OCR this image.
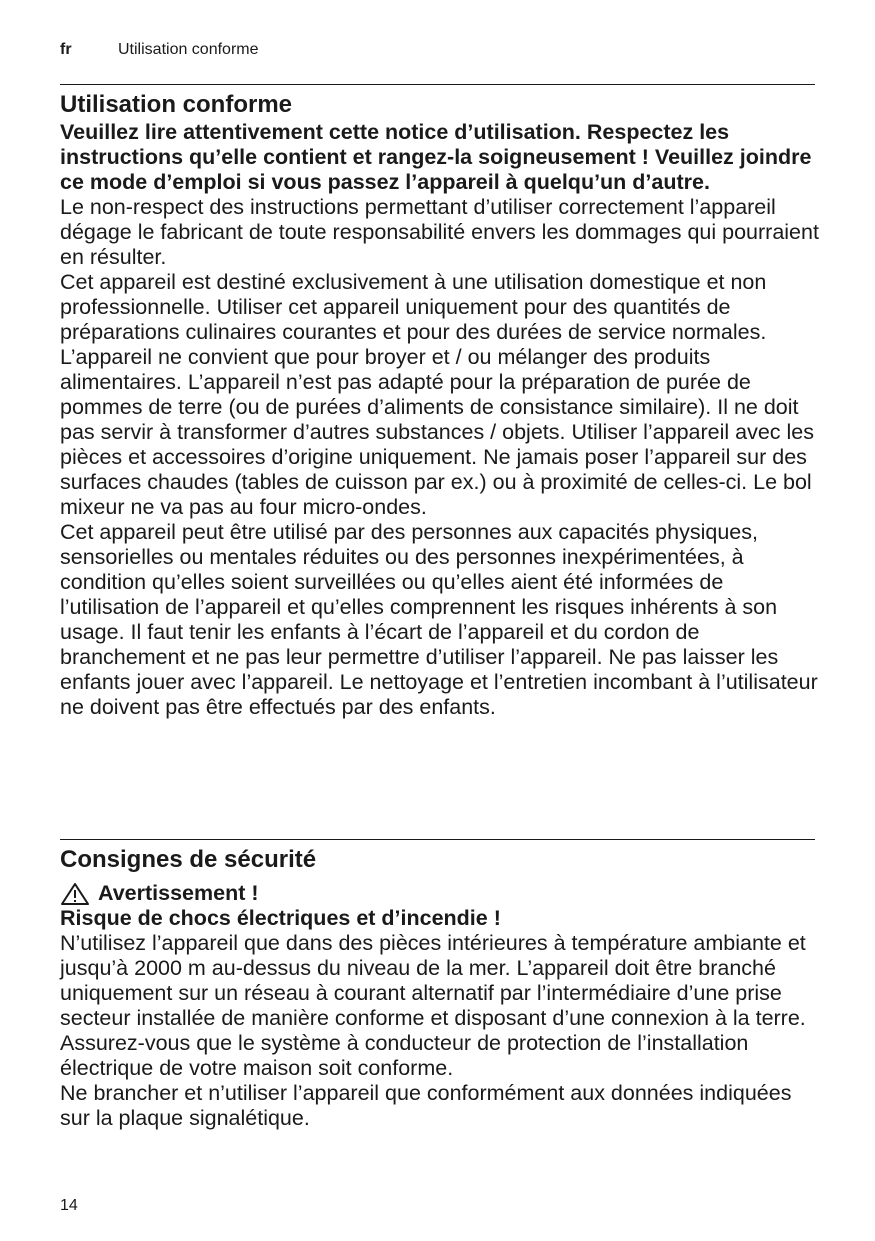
fr	Utilisation conforme
Utilisation conforme

Veuillez lire attentivement cette notice d’utilisation. Respectez les instructions qu’elle contient et rangez-la soigneusement ! Veuillez joindre ce mode d’emploi si vous passez l’appareil à quelqu’un d’autre.

Le non-respect des instructions permettant d’utiliser correctement l’appareil dégage le fabricant de toute responsabilité envers les dommages qui pourraient en résulter.

Cet appareil est destiné exclusivement à une utilisation domestique et non professionnelle. Utiliser cet appareil uniquement pour des quantités de préparations culinaires courantes et pour des durées de service normales.

L’appareil ne convient que pour broyer et / ou mélanger des produits alimentaires. L’appareil n’est pas adapté pour la préparation de purée de pommes de terre (ou de purées d’aliments de consistance similaire). Il ne doit pas servir à transformer d’autres substances / objets. Utiliser l’appareil avec les pièces et accessoires d’origine uniquement. Ne jamais poser l’appareil sur des surfaces chaudes (tables de cuisson par ex.) ou à proximité de celles-ci. Le bol mixeur ne va pas au four micro-ondes.

Cet appareil peut être utilisé par des personnes aux capacités physiques, sensorielles ou mentales réduites ou des personnes inexpérimentées, à condition qu’elles soient surveillées ou qu’elles aient été informées de l’utilisation de l’appareil et qu’elles comprennent les risques inhérents à son usage. Il faut tenir les enfants à l’écart de l’appareil et du cordon de branchement et ne pas leur permettre d’utiliser l’appareil. Ne pas laisser les enfants jouer avec l’appareil. Le nettoyage et l’entretien incombant à l’utilisateur ne doivent pas être effectués par des enfants.

Consignes de sécurité
Avertissement !

Risque de chocs électriques et d’incendie !

N’utilisez l’appareil que dans des pièces intérieures à température ambiante et jusqu’à 2000 m au-dessus du niveau de la mer. L’appareil doit être branché uniquement sur un réseau à courant alternatif par l’intermédiaire d’une prise secteur installée de manière conforme et disposant d’une connexion à la terre. Assurez-vous que le système à conducteur de protection de l’installation électrique de votre maison soit conforme.

Ne brancher et n’utiliser l’appareil que conformément aux données indiquées sur la plaque signalétique.

14
